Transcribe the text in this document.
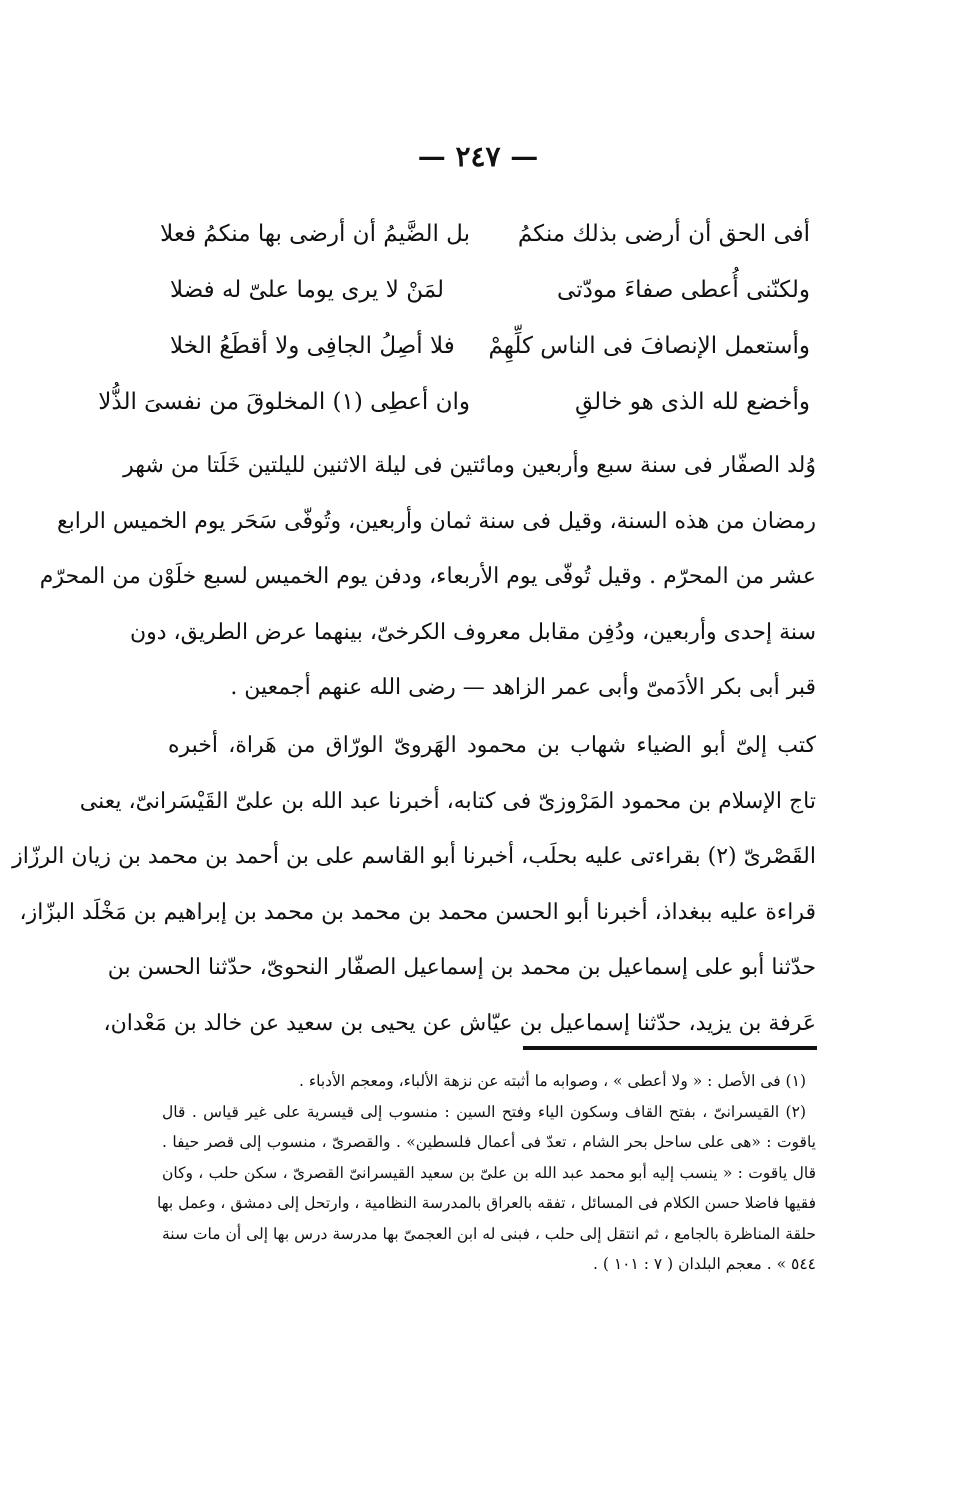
— ٢٤٧ —
أفى الحق أن أرضى بذلك منكمُ
بل الضَّيمُ أن أرضى بها منكمُ فعلا
ولكنّنى أُعطى صفاءَ مودّتى
لمَنْ لا يرى يوما علىّ له فضلا
وأستعمل الإنصافَ فى الناس كلِّهِمْ
فلا أصِلُ الجافِى ولا أقطَعُ الخلا
وأخضع لله الذى هو خالقِ
وان أعطِى (١) المخلوقَ من نفسىَ الذُّلا
وُلد الصفّار فى سنة سبع وأربعين ومائتين فى ليلة الاثنين لليلتين خَلَتا من شهر
رمضان من هذه السنة، وقيل فى سنة ثمان وأربعين، وتُوفّى سَحَر يوم الخميس الرابع
عشر من المحرّم . وقيل تُوفّى يوم الأربعاء، ودفن يوم الخميس لسبع خلَوْن من المحرّم
سنة إحدى وأربعين، ودُفِن مقابل معروف الكرخىّ، بينهما عرض الطريق، دون
قبر أبى بكر الأدَمىّ وأبى عمر الزاهد — رضى الله عنهم أجمعين .
كتب إلىّ أبو الضياء شهاب بن محمود الهَروىّ الورّاق من هَراة، أخبره
تاج الإسلام بن محمود المَرْوزىّ فى كتابه، أخبرنا عبد الله بن علىّ القَيْسَرانىّ، يعنى
القَصْرىّ (٢) بقراءتى عليه بحلَب، أخبرنا أبو القاسم على بن أحمد بن محمد بن زيان الرزّاز
قراءة عليه ببغداذ، أخبرنا أبو الحسن محمد بن محمد بن محمد بن إبراهيم بن مَخْلَد البزّاز،
حدّثنا أبو على إسماعيل بن محمد بن إسماعيل الصفّار النحوىّ، حدّثنا الحسن بن
عَرفة بن يزيد، حدّثنا إسماعيل بن عيّاش عن يحيى بن سعيد عن خالد بن مَعْدان،
(١) فى الأصل : « ولا أعطى » ، وصوابه ما أثبته عن نزهة الألباء، ومعجم الأدباء .
(٢) القيسرانىّ ، بفتح القاف وسكون الياء وفتح السين : منسوب إلى قيسرية على غير قياس . قال
ياقوت : «هى على ساحل بحر الشام ، تعدّ فى أعمال فلسطين» . والقصرىّ ، منسوب إلى قصر حيفا .
قال ياقوت : « ينسب إليه أبو محمد عبد الله بن علىّ بن سعيد القيسرانىّ القصرىّ ، سكن حلب ، وكان
فقيها فاضلا حسن الكلام فى المسائل ، تفقه بالعراق بالمدرسة النظامية ، وارتحل إلى دمشق ، وعمل بها
حلقة المناظرة بالجامع ، ثم انتقل إلى حلب ، فبنى له ابن العجمىّ بها مدرسة درس بها إلى أن مات سنة
٥٤٤ » . معجم البلدان ( ٧ : ١٠١ ) .
